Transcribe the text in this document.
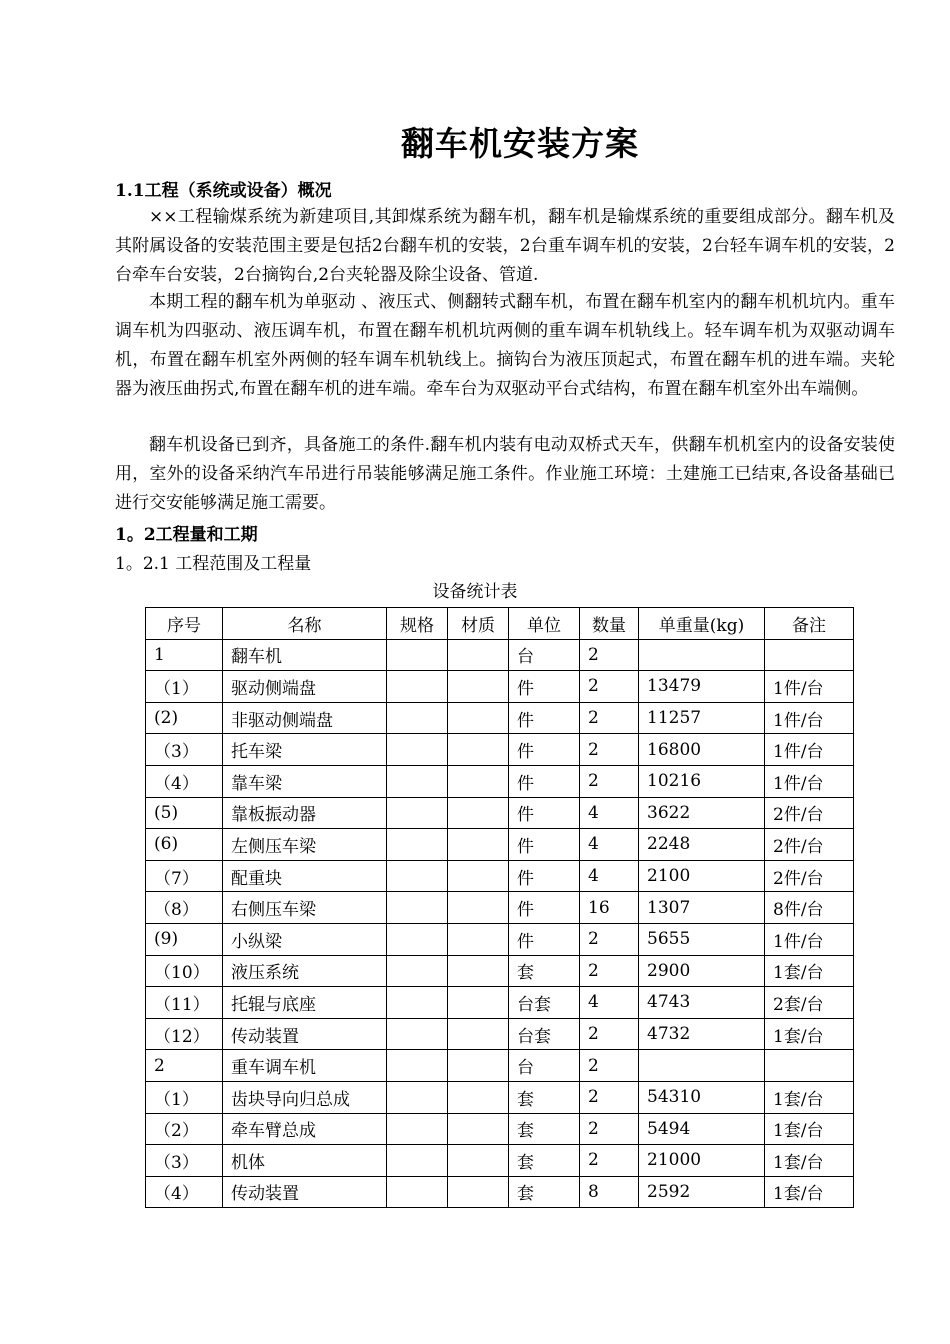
翻车机安装方案
1.1工程（系统或设备）概况
××工程输煤系统为新建项目,其卸煤系统为翻车机，翻车机是输煤系统的重要组成部分。翻车机及其附属设备的安装范围主要是包括2台翻车机的安装，2台重车调车机的安装，2台轻车调车机的安装，2台牵车台安装，2台摘钩台,2台夹轮器及除尘设备、管道.
本期工程的翻车机为单驱动 、液压式、侧翻转式翻车机，布置在翻车机室内的翻车机机坑内。重车调车机为四驱动、液压调车机，布置在翻车机机坑两侧的重车调车机轨线上。轻车调车机为双驱动调车机，布置在翻车机室外两侧的轻车调车机轨线上。摘钩台为液压顶起式，布置在翻车机的进车端。夹轮器为液压曲拐式,布置在翻车机的进车端。牵车台为双驱动平台式结构，布置在翻车机室外出车端侧。
翻车机设备已到齐，具备施工的条件.翻车机内装有电动双桥式天车，供翻车机机室内的设备安装使用，室外的设备采纳汽车吊进行吊装能够满足施工条件。作业施工环境：土建施工已结束,各设备基础已进行交安能够满足施工需要。
1。2工程量和工期
1。2.1 工程范围及工程量
设备统计表
序号	名称	规格	材质	单位	数量	单重量(kg)	备注
1	翻车机			台	2		
（1）	驱动侧端盘			件	2	13479	1件/台
(2)	非驱动侧端盘			件	2	11257	1件/台
（3）	托车梁			件	2	16800	1件/台
（4）	靠车梁			件	2	10216	1件/台
(5)	靠板振动器			件	4	3622	2件/台
(6)	左侧压车梁			件	4	2248	2件/台
（7）	配重块			件	4	2100	2件/台
（8）	右侧压车梁			件	16	1307	8件/台
(9)	小纵梁			件	2	5655	1件/台
（10）	液压系统			套	2	2900	1套/台
（11）	托辊与底座			台套	4	4743	2套/台
（12）	传动装置			台套	2	4732	1套/台
2	重车调车机			台	2		
（1）	齿块导向归总成			套	2	54310	1套/台
（2）	牵车臂总成			套	2	5494	1套/台
（3）	机体			套	2	21000	1套/台
（4）	传动装置			套	8	2592	1套/台
